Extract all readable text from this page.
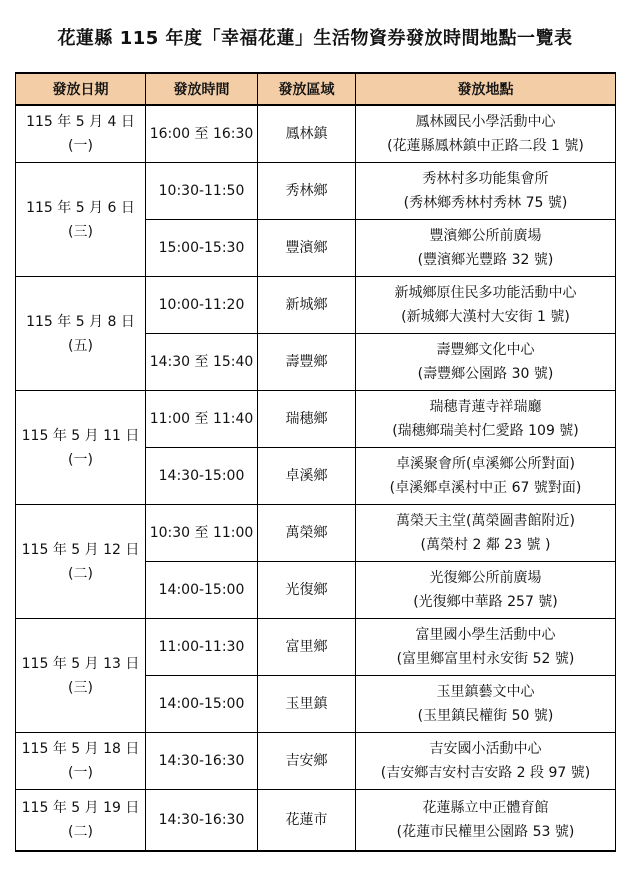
花蓮縣 115 年度「幸福花蓮」生活物資券發放時間地點一覽表
發放日期	發放時間	發放區域	發放地點

115 年 5 月 4 日
(一)	16:00 至 16:30	鳳林鎮	鳳林國民小學活動中心
(花蓮縣鳳林鎮中正路二段 1 號)

115 年 5 月 6 日
(三)	10:30-11:50	秀林鄉	秀林村多功能集會所
(秀林鄉秀林村秀林 75 號)

	15:00-15:30	豐濱鄉	豐濱鄉公所前廣場
(豐濱鄉光豐路 32 號)

115 年 5 月 8 日
(五)	10:00-11:20	新城鄉	新城鄉原住民多功能活動中心
(新城鄉大漢村大安街 1 號)

	14:30 至 15:40	壽豐鄉	壽豐鄉文化中心
(壽豐鄉公園路 30 號)

115 年 5 月 11 日
(一)	11:00 至 11:40	瑞穗鄉	瑞穗青蓮寺祥瑞廳
(瑞穗鄉瑞美村仁愛路 109 號)

	14:30-15:00	卓溪鄉	卓溪聚會所(卓溪鄉公所對面)
(卓溪鄉卓溪村中正 67 號對面)

115 年 5 月 12 日
(二)	10:30 至 11:00	萬榮鄉	萬榮天主堂(萬榮圖書館附近)
(萬榮村 2 鄰 23 號 )

	14:00-15:00	光復鄉	光復鄉公所前廣場
(光復鄉中華路 257 號)

115 年 5 月 13 日
(三)	11:00-11:30	富里鄉	富里國小學生活動中心
(富里鄉富里村永安街 52 號)

	14:00-15:00	玉里鎮	玉里鎮藝文中心
(玉里鎮民權街 50 號)

115 年 5 月 18 日
(一)	14:30-16:30	吉安鄉	吉安國小活動中心
(吉安鄉吉安村吉安路 2 段 97 號)

115 年 5 月 19 日
(二)	14:30-16:30	花蓮市	花蓮縣立中正體育館
(花蓮市民權里公園路 53 號)
